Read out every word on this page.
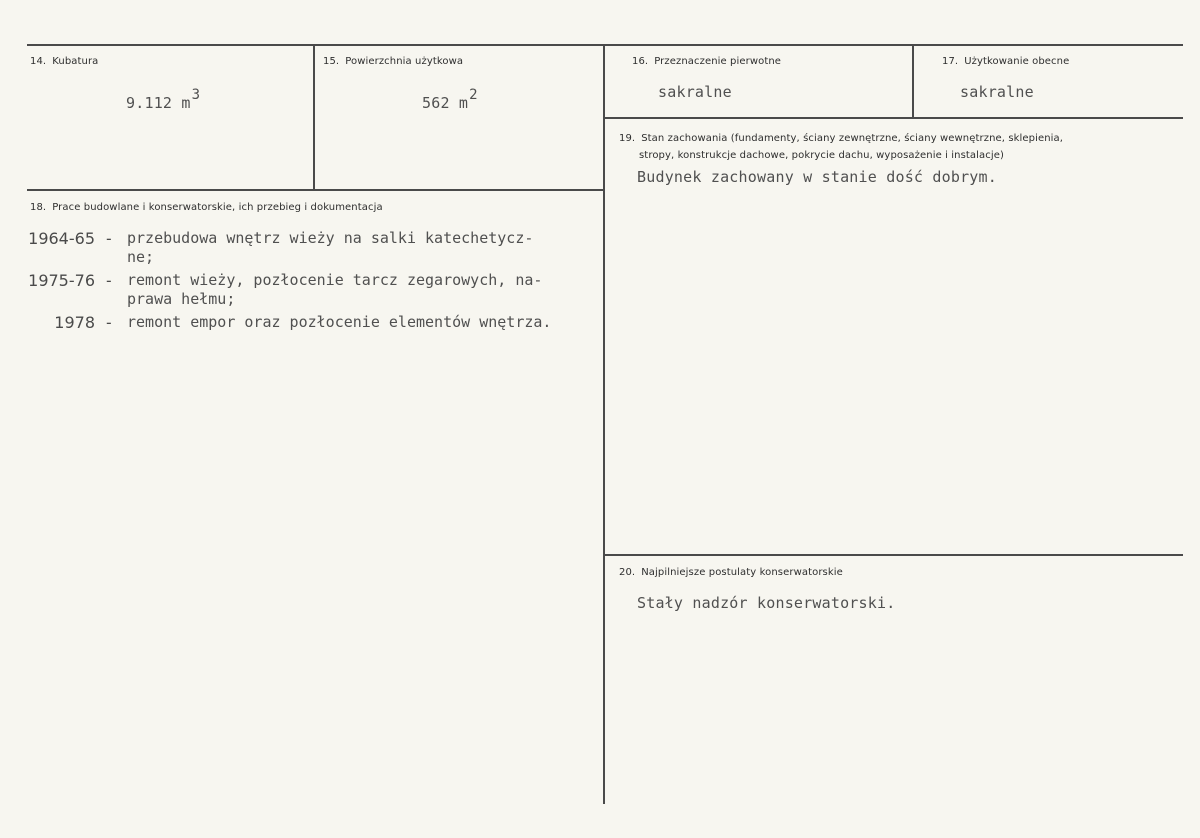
14. Kubatura
9.112 m3
15. Powierzchnia użytkowa
562 m2
16. Przeznaczenie pierwotne
sakralne
17. Użytkowanie obecne
sakralne
19. Stan zachowania (fundamenty, ściany zewnętrzne, ściany wewnętrzne, sklepienia,
stropy, konstrukcje dachowe, pokrycie dachu, wyposażenie i instalacje)
Budynek zachowany w stanie dość dobrym.
18. Prace budowlane i konserwatorskie, ich przebieg i dokumentacja
1964-65 - przebudowa wnętrz wieży na salki katechetycz-
ne;
1975-76 - remont wieży, pozłocenie tarcz zegarowych, na-
prawa hełmu;
1978 - remont empor oraz pozłocenie elementów wnętrza.
20. Najpilniejsze postulaty konserwatorskie
Stały nadzór konserwatorski.
